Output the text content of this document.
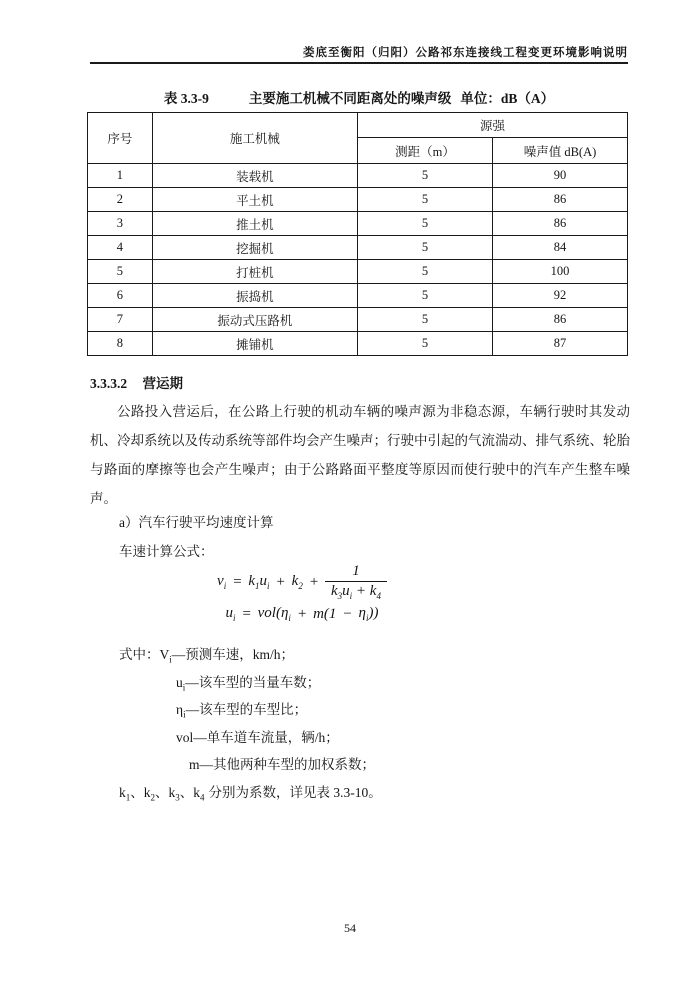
娄底至衡阳（归阳）公路祁东连接线工程变更环境影响说明
表 3.3-9	主要施工机械不同距离处的噪声级 单位：dB（A）
序号	施工机械	源强	
		测距（m）	噪声值 dB(A)
1	装载机	5	90
2	平土机	5	86
3	推土机	5	86
4	挖掘机	5	84
5	打桩机	5	100
6	振捣机	5	92
7	振动式压路机	5	86
8	摊铺机	5	87
3.3.3.2 营运期
公路投入营运后，在公路上行驶的机动车辆的噪声源为非稳态源，车辆行驶时其发动机、冷却系统以及传动系统等部件均会产生噪声；行驶中引起的气流湍动、排气系统、轮胎与路面的摩擦等也会产生噪声；由于公路路面平整度等原因而使行驶中的汽车产生整车噪声。
a）汽车行驶平均速度计算
车速计算公式：
$v_i = k_1u_i + k_2 + \frac{1}{k_3u_i + k_4}$
$u_i = vol(\eta_i + m(1 - \eta_i))$
式中：$V_i—$预测车速，km/h；
$u_i—$该车型的当量车数；
$\eta_i—$该车型的车型比；
vol—单车道车流量，辆/h；
m—其他两种车型的加权系数；
$k_1$、$k_2$、$k_3$、$k_4$ 分别为系数，详见表 3.3-10。
54
